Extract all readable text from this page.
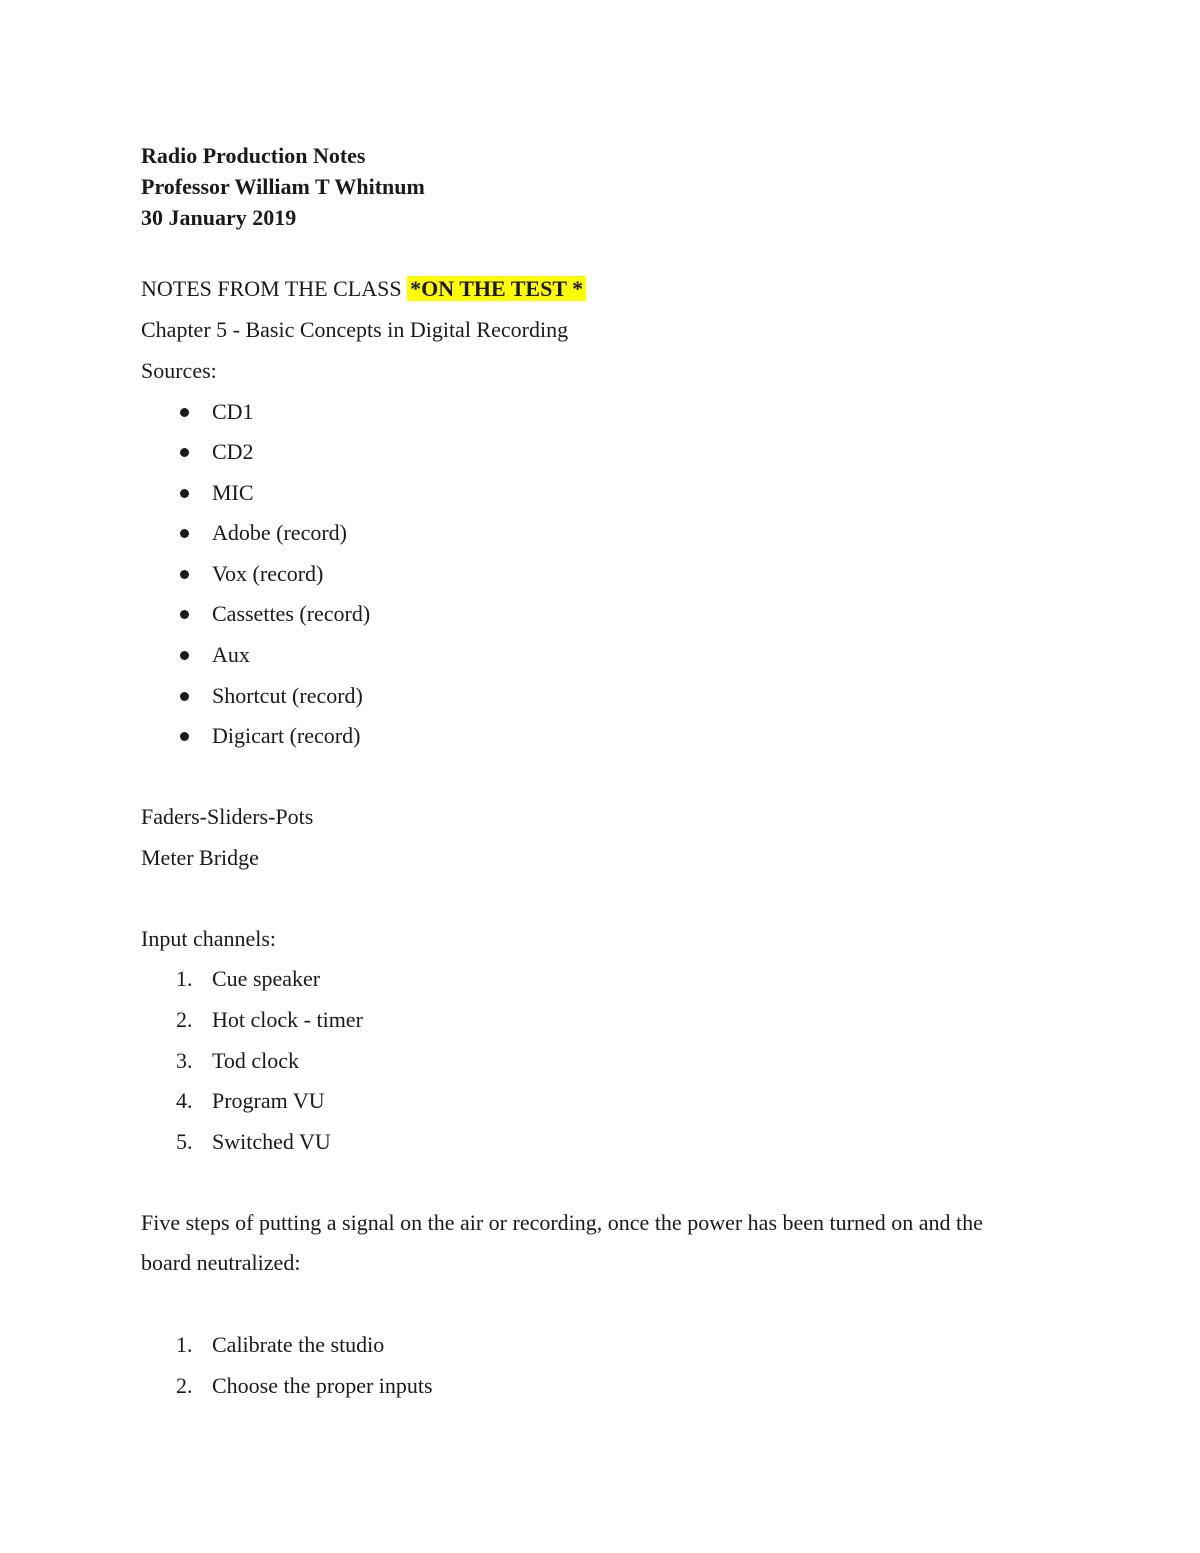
Radio Production Notes
Professor William T Whitnum
30 January 2019
NOTES FROM THE CLASS *ON THE TEST *
Chapter 5 - Basic Concepts in Digital Recording
Sources:
CD1
CD2
MIC
Adobe (record)
Vox (record)
Cassettes (record)
Aux
Shortcut (record)
Digicart (record)
Faders-Sliders-Pots
Meter Bridge
Input channels:
1. Cue speaker
2. Hot clock - timer
3. Tod clock
4. Program VU
5. Switched VU
Five steps of putting a signal on the air or recording, once the power has been turned on and the
board neutralized:
1. Calibrate the studio
2. Choose the proper inputs
